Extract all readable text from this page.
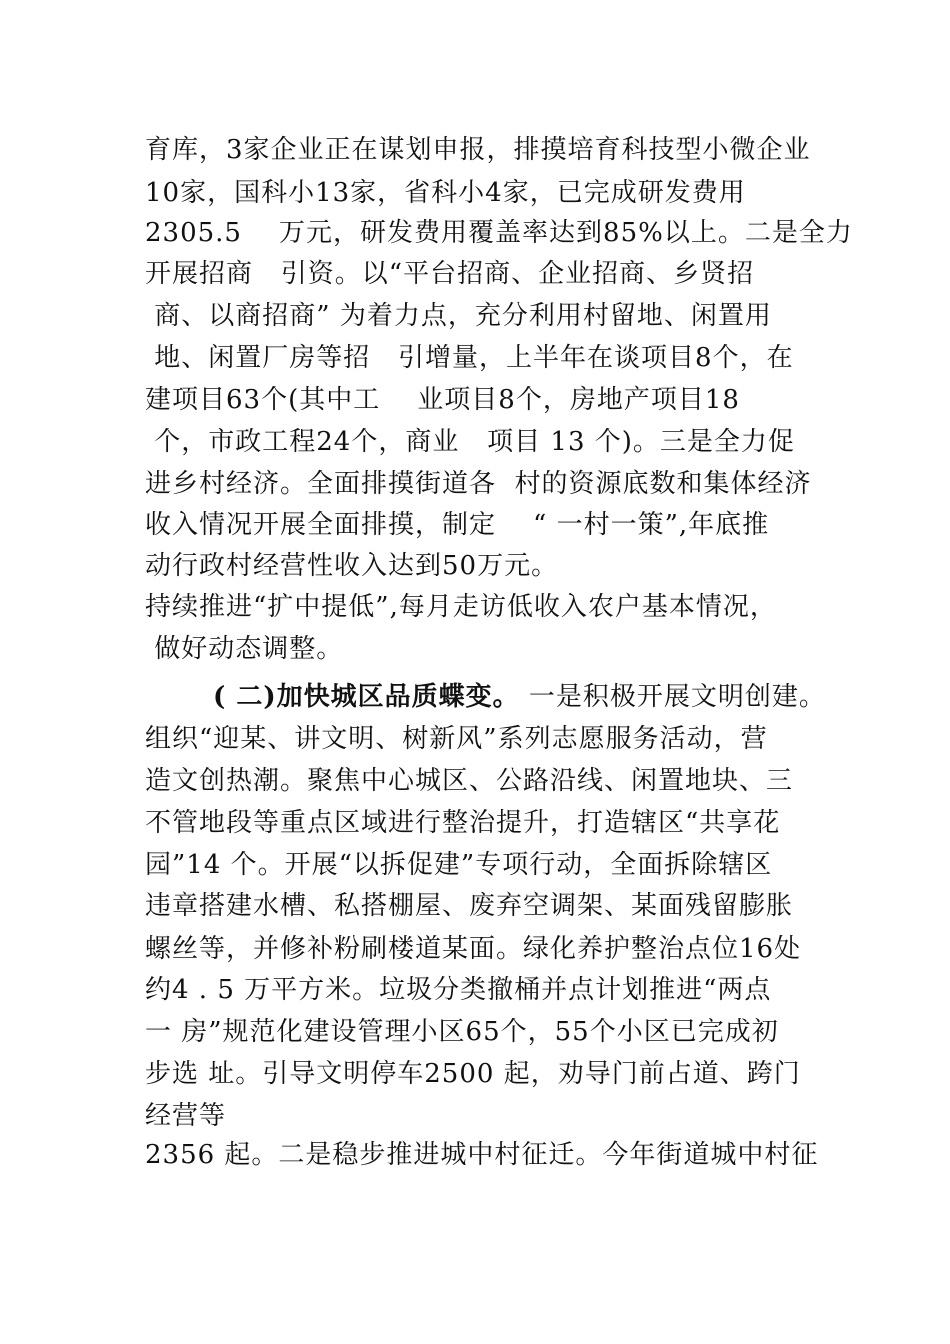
育库，3家企业正在谋划申报，排摸培育科技型小微企业
10家，国科小13家，省科小4家，已完成研发费用
2305.5    万元，研发费用覆盖率达到85%以上。二是全力
开展招商   引资。以“平台招商、企业招商、乡贤招
商、以商招商” 为着力点，充分利用村留地、闲置用
地、闲置厂房等招   引增量，上半年在谈项目8个，在
建项目63个(其中工    业项目8个，房地产项目18
个，市政工程24个，商业   项目 13 个)。三是全力促
进乡村经济。全面排摸街道各  村的资源底数和集体经济
收入情况开展全面排摸，制定    “ 一村一策”,年底推
动行政村经营性收入达到50万元。
持续推进“扩中提低”,每月走访低收入农户基本情况，
做好动态调整。
( 二)加快城区品质蝶变。 一是积极开展文明创建。
组织“迎某、讲文明、树新风”系列志愿服务活动，营
造文创热潮。聚焦中心城区、公路沿线、闲置地块、三
不管地段等重点区域进行整治提升，打造辖区“共享花
园”14 个。开展“以拆促建”专项行动，全面拆除辖区
违章搭建水槽、私搭棚屋、废弃空调架、某面残留膨胀
螺丝等，并修补粉刷楼道某面。绿化养护整治点位16处
约4 . 5 万平方米。垃圾分类撤桶并点计划推进“两点
一 房”规范化建设管理小区65个，55个小区已完成初
步选 址。引导文明停车2500 起，劝导门前占道、跨门
经营等
2356 起。二是稳步推进城中村征迁。今年街道城中村征
